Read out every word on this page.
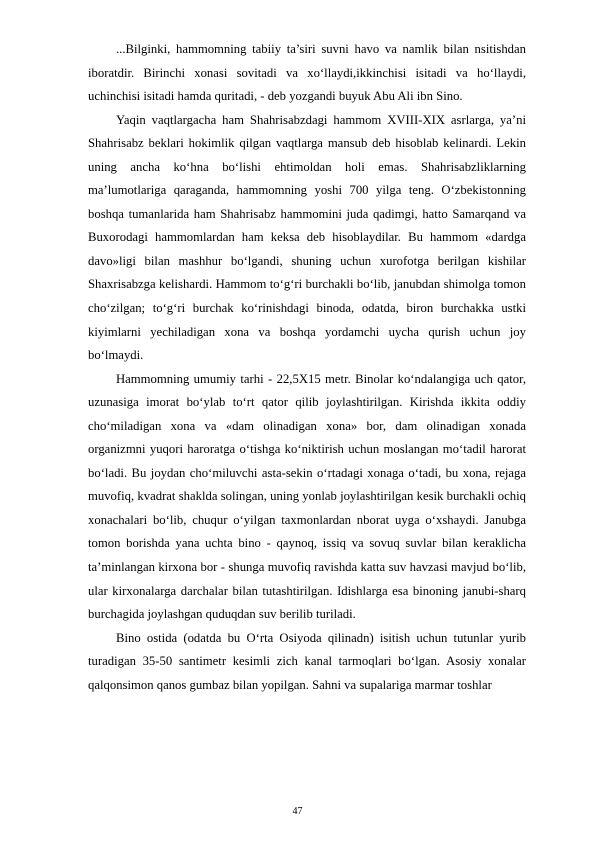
...Bilginki, hammomning tabiiy ta’siri suvni havo va namlik bilan nsitishdan iboratdir. Birinchi xonasi sovitadi va xo‘llaydi,ikkinchisi isitadi va ho‘llaydi, uchinchisi isitadi hamda quritadi, - deb yozgandi buyuk Abu Ali ibn Sino.

Yaqin vaqtlargacha ham Shahrisabzdagi hammom XVIII-XIX asrlarga, ya’ni Shahrisabz beklari hokimlik qilgan vaqtlarga mansub deb hisoblab kelinardi. Lekin uning ancha ko‘hna bo‘lishi ehtimoldan holi emas. Shahrisabzliklarning ma’lumotlariga qaraganda, hammomning yoshi 700 yilga teng. O‘zbekistonning boshqa tumanlarida ham Shahrisabz hammomini juda qadimgi, hatto Samarqand va Buxorodagi hammomlardan ham keksa deb hisoblaydilar. Bu hammom «dardga davo»ligi bilan mashhur bo‘lgandi, shuning uchun xurofotga berilgan kishilar Shaxrisabzga kelishardi. Hammom to‘g‘ri burchakli bo‘lib, janubdan shimolga tomon cho‘zilgan; to‘g‘ri burchak ko‘rinishdagi binoda, odatda, biron burchakka ustki kiyimlarni yechiladigan xona va boshqa yordamchi uycha qurish uchun joy bo‘lmaydi.

Hammomning umumiy tarhi - 22,5X15 metr. Binolar ko‘ndalangiga uch qator, uzunasiga imorat bo‘ylab to‘rt qator qilib joylashtirilgan. Kirishda ikkita oddiy cho‘miladigan xona va «dam olinadigan xona» bor, dam olinadigan xonada organizmni yuqori haroratga o‘tishga ko‘niktirish uchun moslangan mo‘tadil harorat bo‘ladi. Bu joydan cho‘miluvchi asta-sekin o‘rtadagi xonaga o‘tadi, bu xona, rejaga muvofiq, kvadrat shaklda solingan, uning yonlab joylashtirilgan kesik burchakli ochiq xonachalari bo‘lib, chuqur o‘yilgan taxmonlardan nborat uyga o‘xshaydi. Janubga tomon borishda yana uchta bino - qaynoq, issiq va sovuq suvlar bilan keraklicha ta’minlangan kirxona bor - shunga muvofiq ravishda katta suv havzasi mavjud bo‘lib, ular kirxonalarga darchalar bilan tutashtirilgan. Idishlarga esa binoning janubi-sharq burchagida joylashgan quduqdan suv berilib turiladi.

Bino ostida (odatda bu O‘rta Osiyoda qilinadn) isitish uchun tutunlar yurib turadigan 35-50 santimetr kesimli zich kanal tarmoqlari bo‘lgan. Asosiy xonalar qalqonsimon qanos gumbaz bilan yopilgan. Sahni va supalariga marmar toshlar

47
